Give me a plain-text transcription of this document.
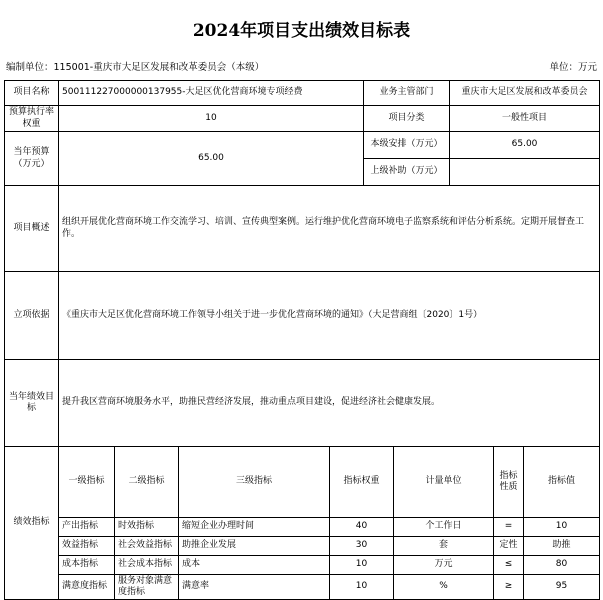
2024年项目支出绩效目标表
编制单位：115001-重庆市大足区发展和改革委员会（本级）	单位：万元
项目名称	500111227000000137955-大足区优化营商环境专项经费				业务主管部门		重庆市大足区发展和改革委员会			
预算执行率权重	10				项目分类		一般性项目			
当年预算（万元）	65.00				本级安排（万元）		65.00			
					上级补助（万元）					
项目概述	组织开展优化营商环境工作交流学习、培训、宣传典型案例。运行维护优化营商环境电子监察系统和评估分析系统。定期开展督查工作。									
立项依据	《重庆市大足区优化营商环境工作领导小组关于进一步优化营商环境的通知》（大足营商组〔2020〕1号）									
当年绩效目标	提升我区营商环境服务水平，助推民营经济发展，推动重点项目建设，促进经济社会健康发展。									
绩效指标	一级指标	二级指标	三级指标	指标权重		计量单位		指标性质	指标值	
	产出指标	时效指标	缩短企业办理时间	40		个工作日		=	10	
	效益指标	社会效益指标	助推企业发展	30		套		定性	助推	
	成本指标	社会成本指标	成本	10		万元		≤	80	
	满意度指标	服务对象满意度指标	满意率	10		%		≥	95	
